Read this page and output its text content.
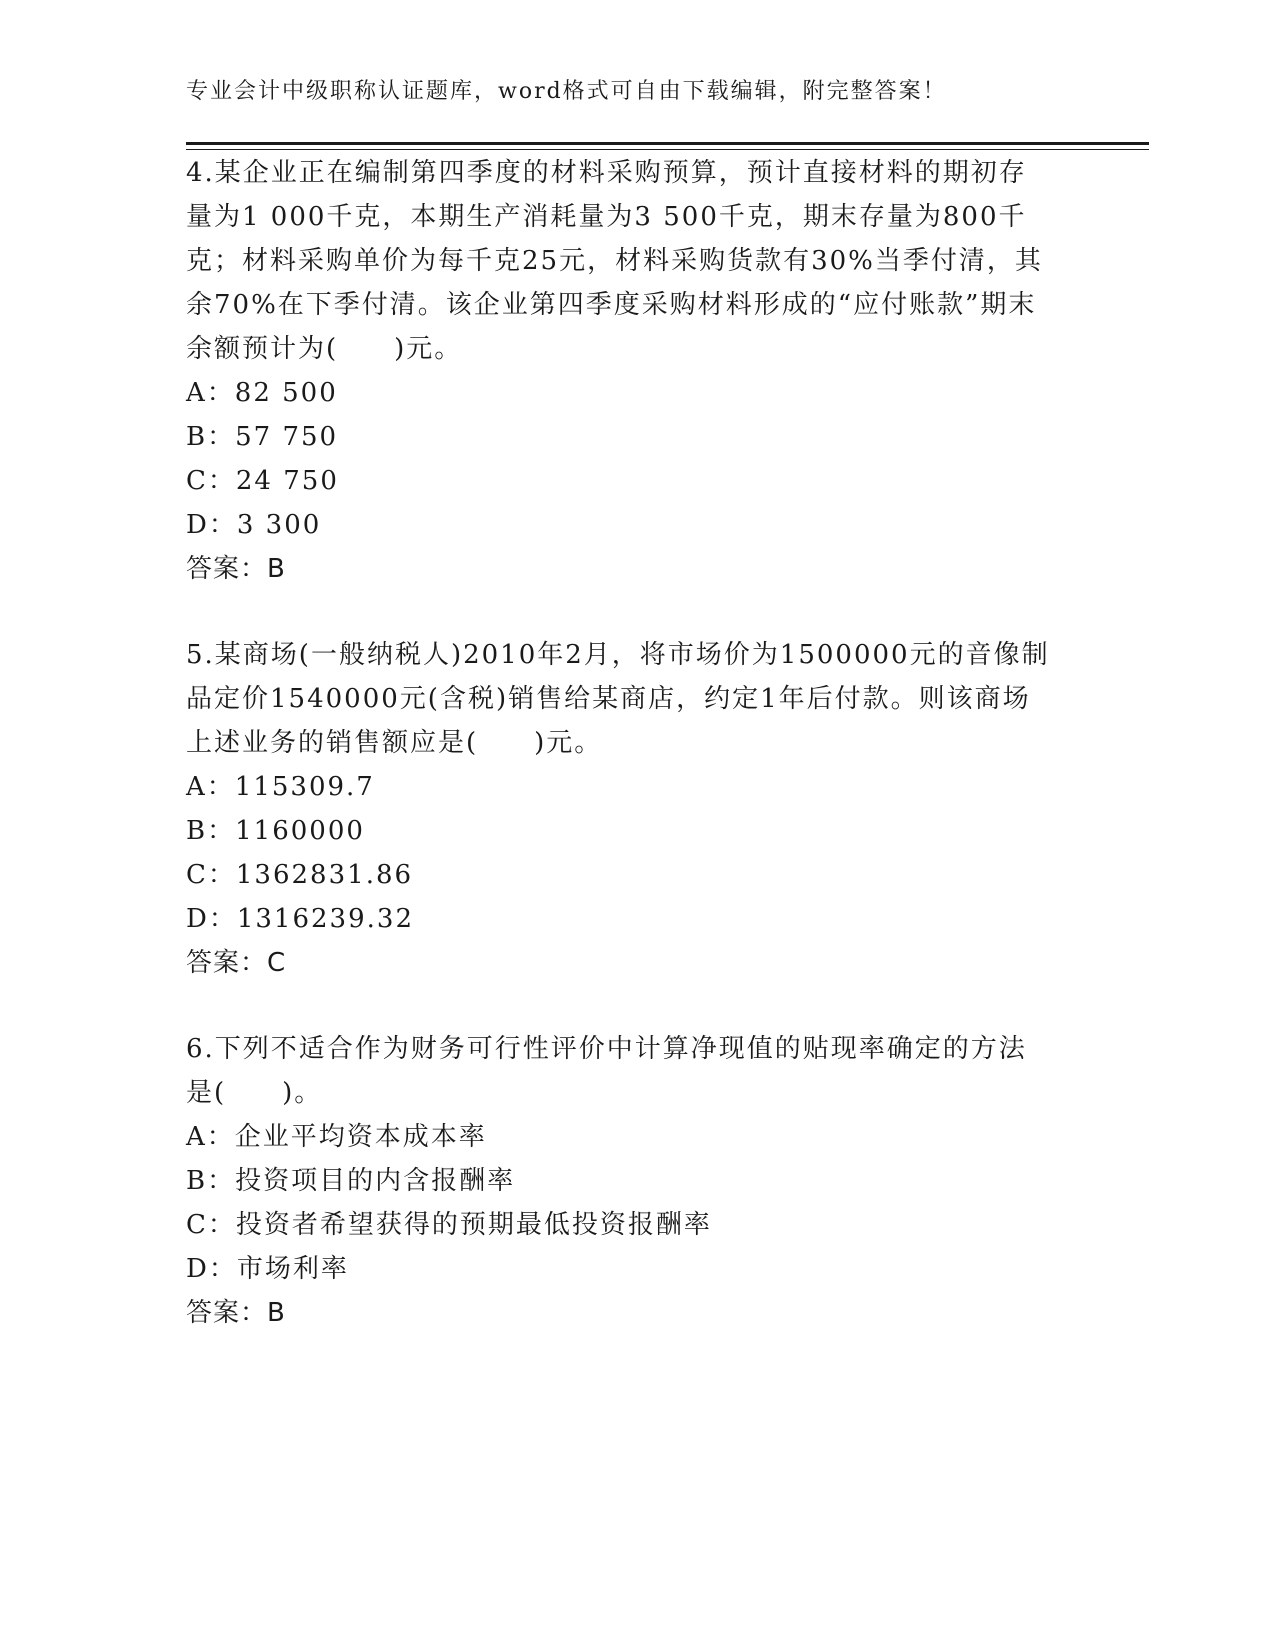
专业会计中级职称认证题库，word格式可自由下载编辑，附完整答案！
4.某企业正在编制第四季度的材料采购预算，预计直接材料的期初存
量为1 000千克，本期生产消耗量为3 500千克，期末存量为800千
克；材料采购单价为每千克25元，材料采购货款有30%当季付清，其
余70%在下季付清。该企业第四季度采购材料形成的“应付账款”期末
余额预计为(　　)元。
A：82 500
B：57 750
C：24 750
D：3 300
答案：B
5.某商场(一般纳税人)2010年2月，将市场价为1500000元的音像制
品定价1540000元(含税)销售给某商店，约定1年后付款。则该商场
上述业务的销售额应是(　　)元。
A：115309.7
B：1160000
C：1362831.86
D：1316239.32
答案：C
6.下列不适合作为财务可行性评价中计算净现值的贴现率确定的方法
是(　　)。
A：企业平均资本成本率
B：投资项目的内含报酬率
C：投资者希望获得的预期最低投资报酬率
D：市场利率
答案：B
